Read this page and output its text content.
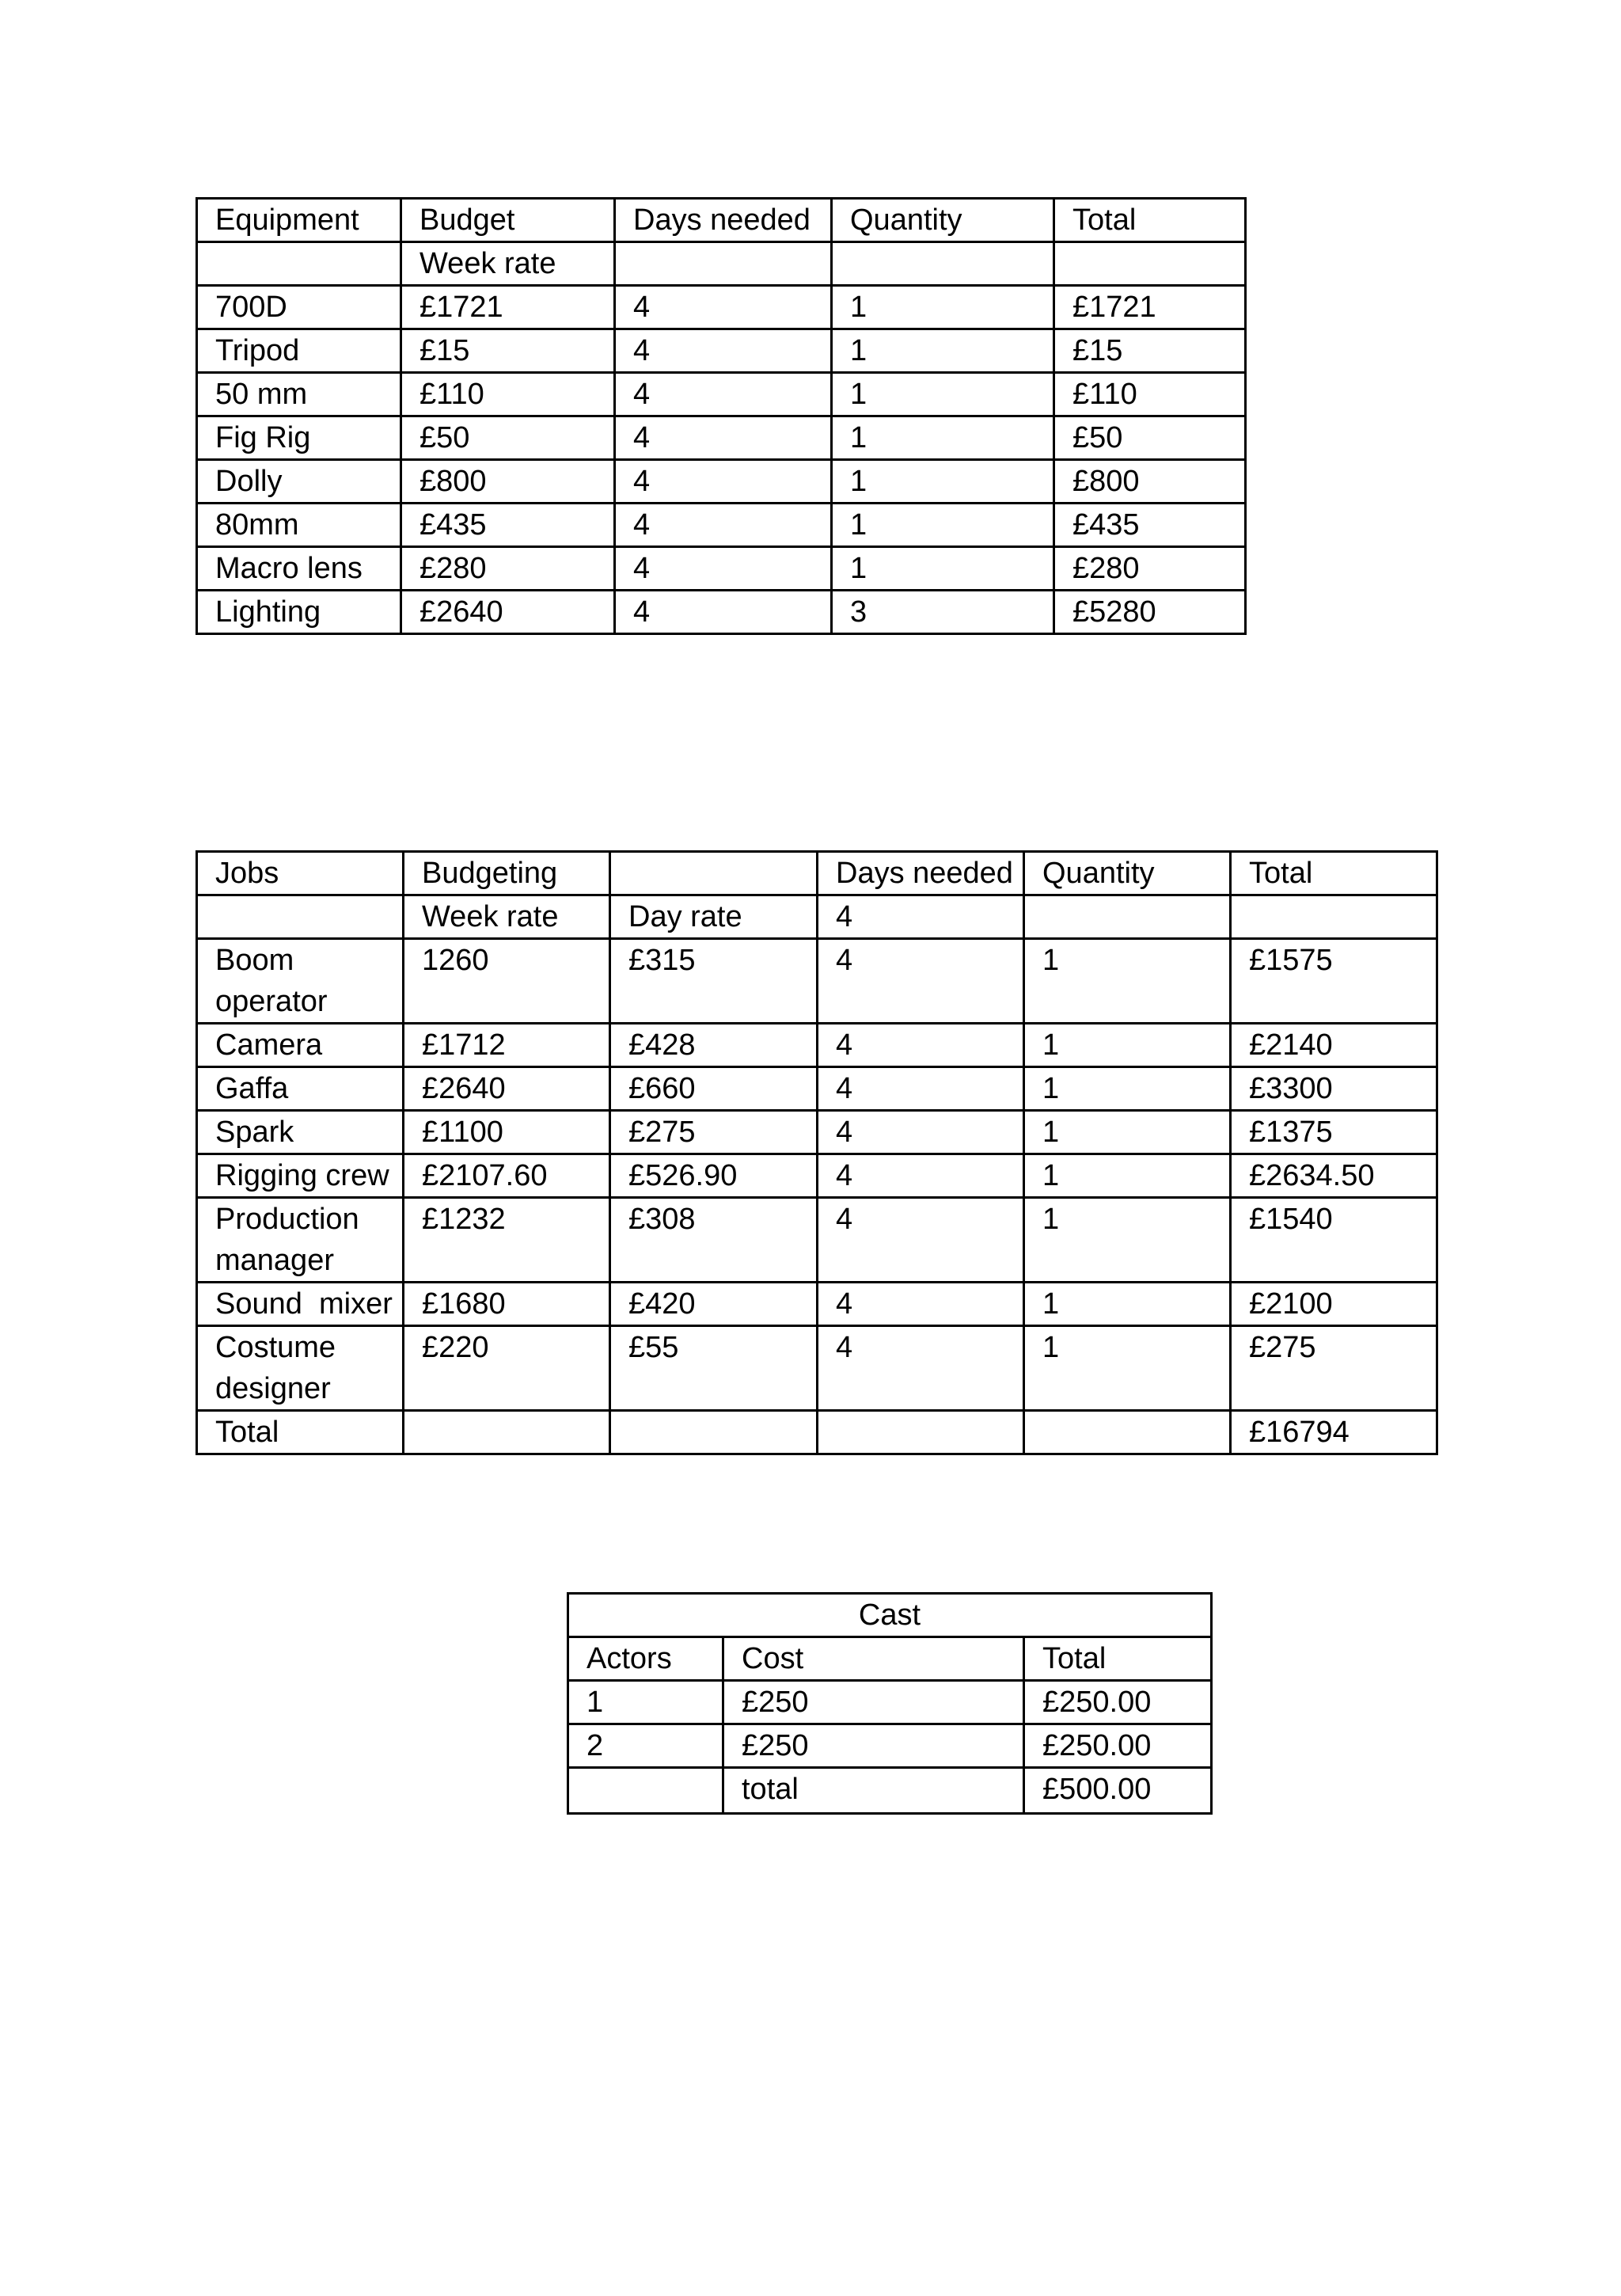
Equipment	Budget	Days needed	Quantity	Total
	Week rate			
700D	£1721	4	1	£1721
Tripod	£15	4	1	£15
50 mm	£110	4	1	£110
Fig Rig	£50	4	1	£50
Dolly	£800	4	1	£800
80mm	£435	4	1	£435
Macro lens	£280	4	1	£280
Lighting	£2640	4	3	£5280
Jobs	Budgeting		Days needed	Quantity	Total
	Week rate	Day rate	4		
Boom operator	1260	£315	4	1	£1575
Camera	£1712	£428	4	1	£2140
Gaffa	£2640	£660	4	1	£3300
Spark	£1100	£275	4	1	£1375
Rigging crew	£2107.60	£526.90	4	1	£2634.50
Production manager	£1232	£308	4	1	£1540
Sound  mixer	£1680	£420	4	1	£2100
Costume designer	£220	£55	4	1	£275
Total					£16794
Cast		
Actors	Cost	Total
1	£250	£250.00
2	£250	£250.00
	total	£500.00
